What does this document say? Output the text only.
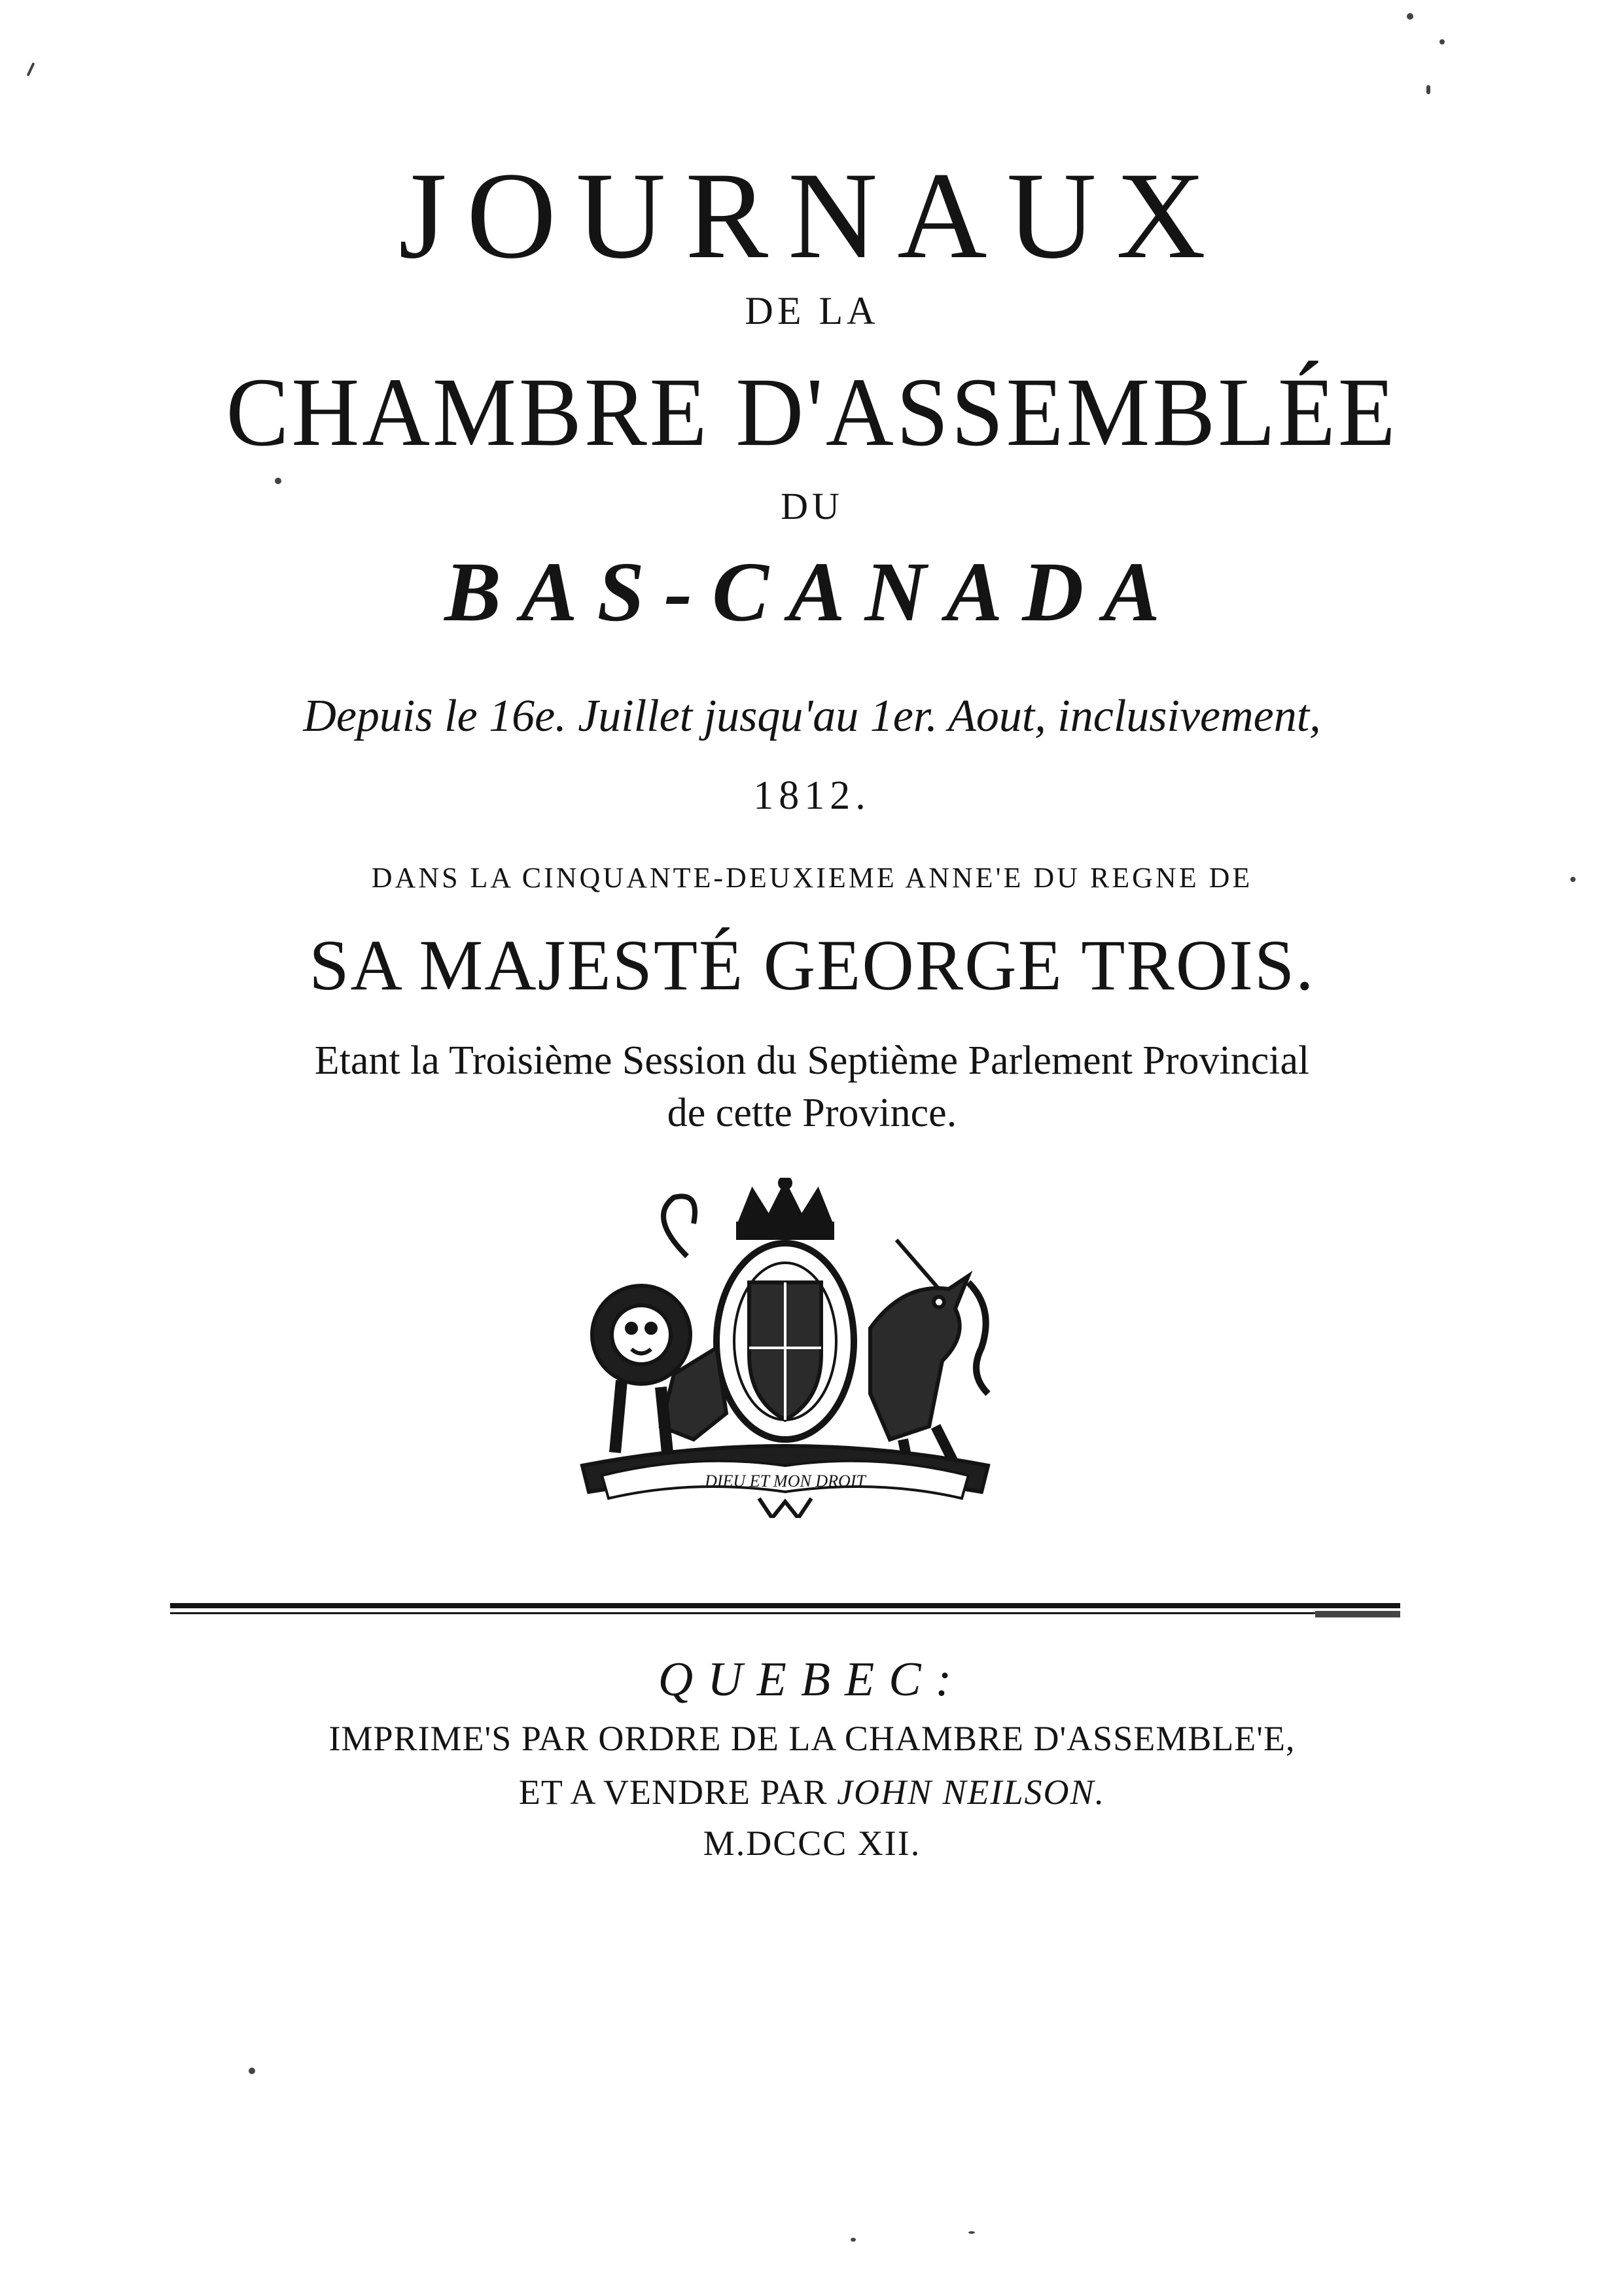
JOURNAUX
DE LA
CHAMBRE D'ASSEMBLÉE
DU
BAS-CANADA
Depuis le 16e. Juillet jusqu'au 1er. Aout, inclusivement,
1812.
DANS LA CINQUANTE-DEUXIEME ANNE'E DU REGNE DE
SA MAJESTÉ GEORGE TROIS.
Etant la Troisième Session du Septième Parlement Provincial
de cette Province.
DIEU ET MON DROIT
QUEBEC:
IMPRIME'S PAR ORDRE DE LA CHAMBRE D'ASSEMBLE'E,
ET A VENDRE PAR JOHN NEILSON.
M.DCCC XII.
